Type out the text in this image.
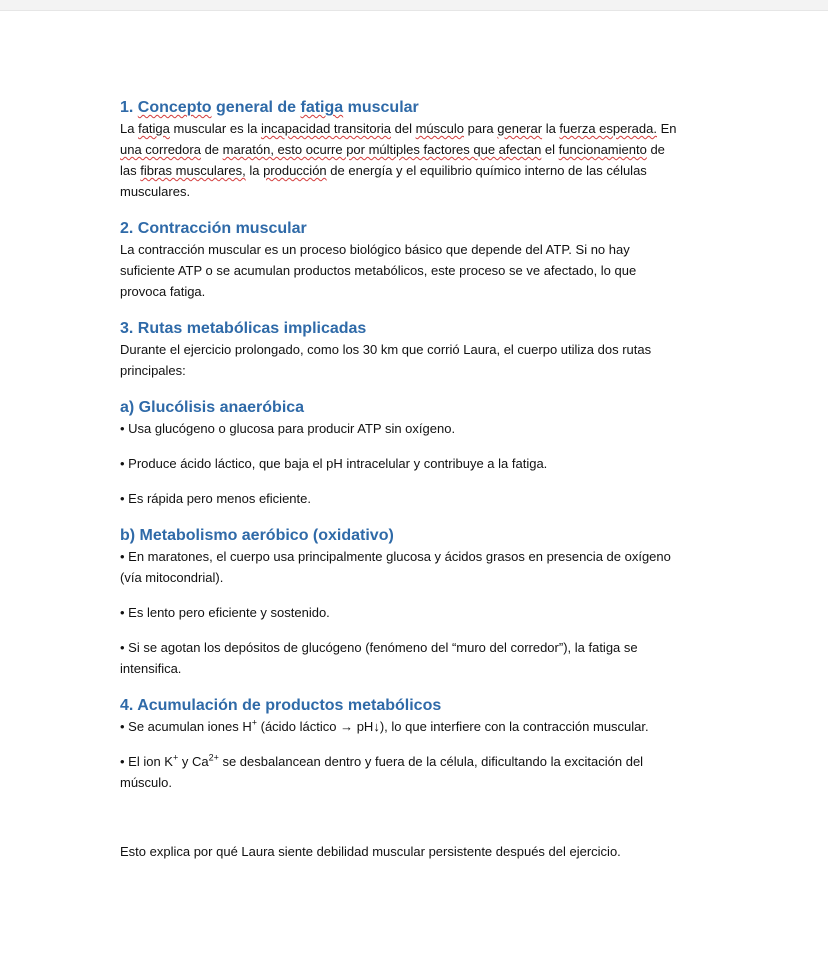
1. Concepto general de fatiga muscular

La fatiga muscular es la incapacidad transitoria del músculo para generar la fuerza esperada. En
una corredora de maratón, esto ocurre por múltiples factores que afectan el funcionamiento de
las fibras musculares, la producción de energía y el equilibrio químico interno de las células
musculares.

2. Contracción muscular

La contracción muscular es un proceso biológico básico que depende del ATP. Si no hay
suficiente ATP o se acumulan productos metabólicos, este proceso se ve afectado, lo que
provoca fatiga.

3. Rutas metabólicas implicadas

Durante el ejercicio prolongado, como los 30 km que corrió Laura, el cuerpo utiliza dos rutas
principales:

a) Glucólisis anaeróbica

• Usa glucógeno o glucosa para producir ATP sin oxígeno.

• Produce ácido láctico, que baja el pH intracelular y contribuye a la fatiga.

• Es rápida pero menos eficiente.

b) Metabolismo aeróbico (oxidativo)

• En maratones, el cuerpo usa principalmente glucosa y ácidos grasos en presencia de oxígeno
(vía mitocondrial).

• Es lento pero eficiente y sostenido.

• Si se agotan los depósitos de glucógeno (fenómeno del “muro del corredor”), la fatiga se
intensifica.

4. Acumulación de productos metabólicos

• Se acumulan iones H+ (ácido láctico → pH↓), lo que interfiere con la contracción muscular.

• El ion K+ y $Ca^{2+}$ se desbalancean dentro y fuera de la célula, dificultando la excitación del
músculo.

Esto explica por qué Laura siente debilidad muscular persistente después del ejercicio.
